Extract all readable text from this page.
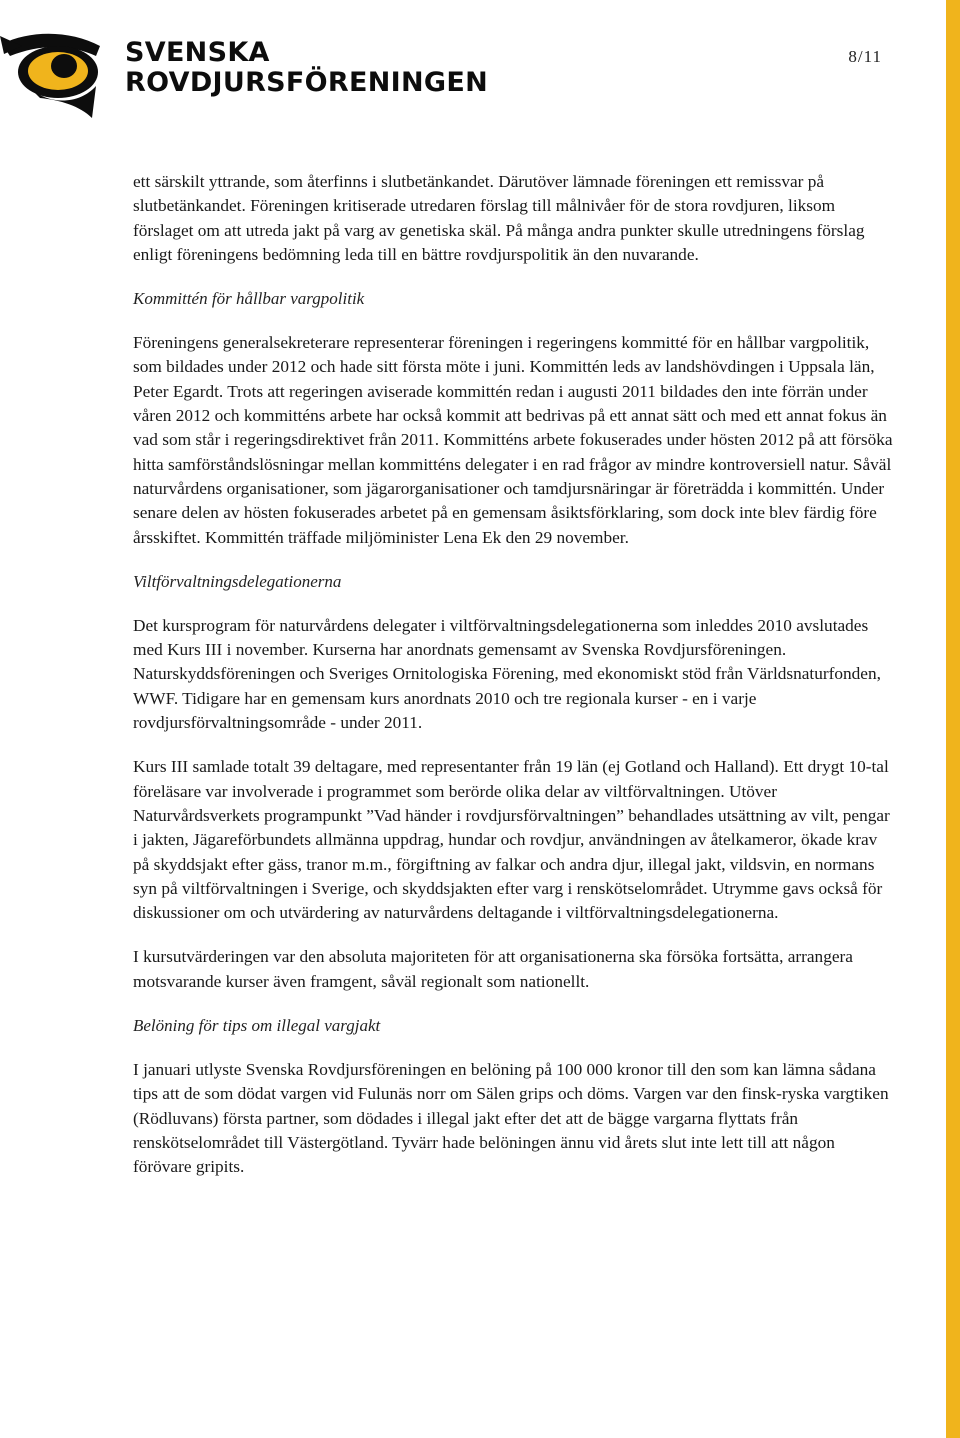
SVENSKA
ROVDJURSFÖRENINGEN
8/11

ett särskilt yttrande, som återfinns i slutbetänkandet. Därutöver lämnade föreningen ett remissvar på slutbetänkandet. Föreningen kritiserade utredaren förslag till målnivåer för de stora rovdjuren, liksom förslaget om att utreda jakt på varg av genetiska skäl. På många andra punkter skulle utredningens förslag enligt föreningens bedömning leda till en bättre rovdjurspolitik än den nuvarande.

Kommittén för hållbar vargpolitik

Föreningens generalsekreterare representerar föreningen i regeringens kommitté för en hållbar vargpolitik, som bildades under 2012 och hade sitt första möte i juni. Kommittén leds av landshövdingen i Uppsala län, Peter Egardt. Trots att regeringen aviserade kommittén redan i augusti 2011 bildades den inte förrän under våren 2012 och kommitténs arbete har också kommit att bedrivas på ett annat sätt och med ett annat fokus än vad som står i regeringsdirektivet från 2011. Kommitténs arbete fokuserades under hösten 2012 på att försöka hitta samförståndslösningar mellan kommitténs delegater i en rad frågor av mindre kontroversiell natur. Såväl naturvårdens organisationer, som jägarorganisationer och tamdjursnäringar är företrädda i kommittén. Under senare delen av hösten fokuserades arbetet på en gemensam åsiktsförklaring, som dock inte blev färdig före årsskiftet. Kommittén träffade miljöminister Lena Ek den 29 november.

Viltförvaltningsdelegationerna

Det kursprogram för naturvårdens delegater i viltförvaltningsdelegationerna som inleddes 2010 avslutades med Kurs III i november. Kurserna har anordnats gemensamt av Svenska Rovdjursföreningen. Naturskyddsföreningen och Sveriges Ornitologiska Förening, med ekonomiskt stöd från Världsnaturfonden, WWF. Tidigare har en gemensam kurs anordnats 2010 och tre regionala kurser - en i varje rovdjursförvaltningsområde - under 2011.

Kurs III samlade totalt 39 deltagare, med representanter från 19 län (ej Gotland och Halland). Ett drygt 10-tal föreläsare var involverade i programmet som berörde olika delar av viltförvaltningen. Utöver Naturvårdsverkets programpunkt ”Vad händer i rovdjursförvaltningen” behandlades utsättning av vilt, pengar i jakten, Jägareförbundets allmänna uppdrag, hundar och rovdjur, användningen av åtelkameror, ökade krav på skyddsjakt efter gäss, tranor m.m., förgiftning av falkar och andra djur, illegal jakt, vildsvin, en normans syn på viltförvaltningen i Sverige, och skyddsjakten efter varg i renskötselområdet. Utrymme gavs också för diskussioner om och utvärdering av naturvårdens deltagande i viltförvaltningsdelegationerna.

I kursutvärderingen var den absoluta majoriteten för att organisationerna ska försöka fortsätta, arrangera motsvarande kurser även framgent, såväl regionalt som nationellt.

Belöning för tips om illegal vargjakt

I januari utlyste Svenska Rovdjursföreningen en belöning på 100 000 kronor till den som kan lämna sådana tips att de som dödat vargen vid Fulunäs norr om Sälen grips och döms. Vargen var den finsk-ryska vargtiken (Rödluvans) första partner, som dödades i illegal jakt efter det att de bägge vargarna flyttats från renskötselområdet till Västergötland. Tyvärr hade belöningen ännu vid årets slut inte lett till att någon förövare gripits.
